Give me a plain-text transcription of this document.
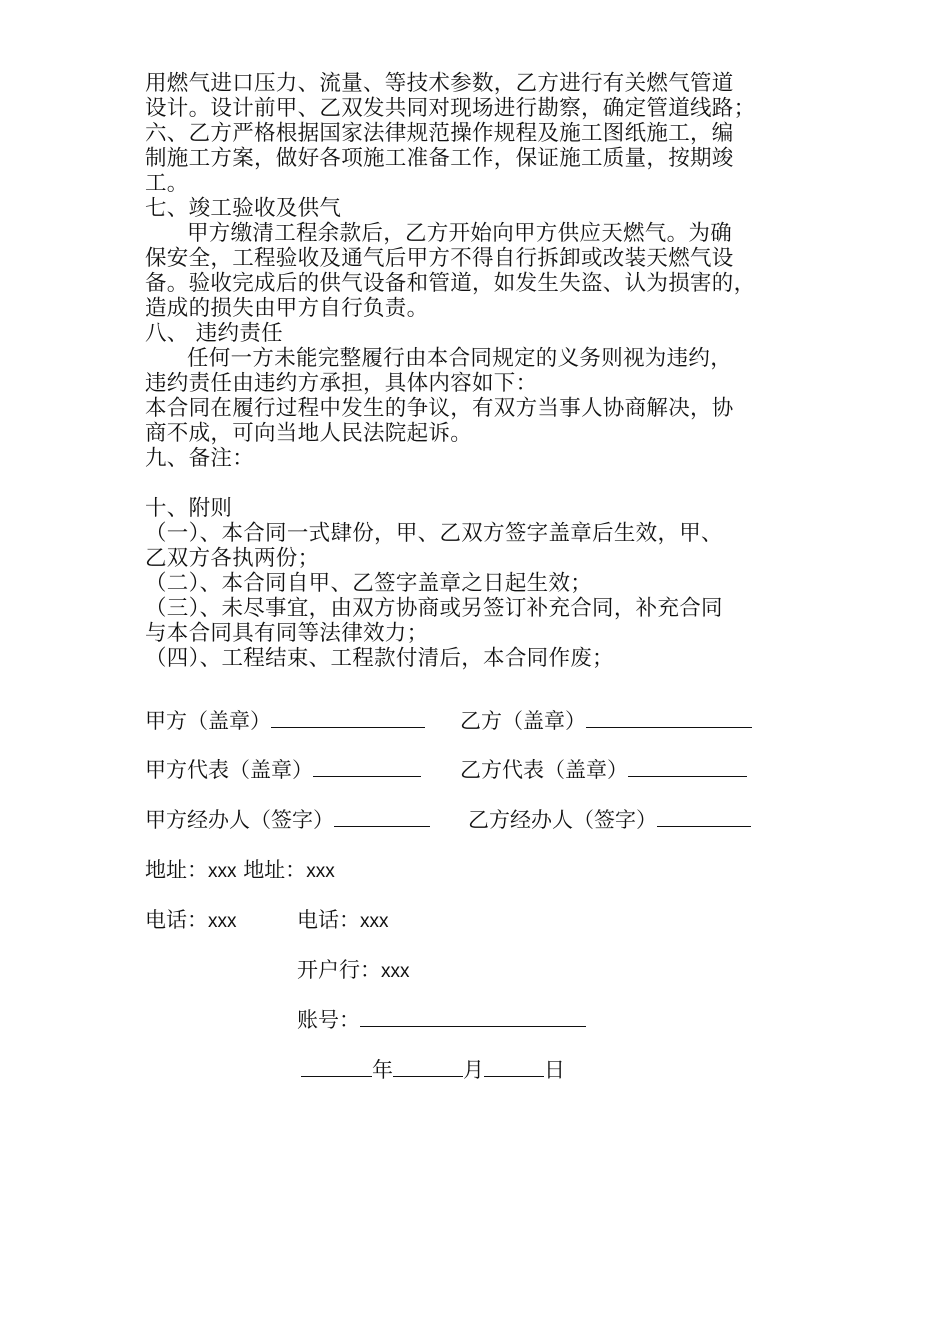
用燃气进口压力、流量、等技术参数，乙方进行有关燃气管道
设计。设计前甲、乙双发共同对现场进行勘察，确定管道线路；
六、乙方严格根据国家法律规范操作规程及施工图纸施工，编
制施工方案，做好各项施工准备工作，保证施工质量，按期竣
工。
七、竣工验收及供气
甲方缴清工程余款后，乙方开始向甲方供应天燃气。为确
保安全，工程验收及通气后甲方不得自行拆卸或改装天燃气设
备。验收完成后的供气设备和管道，如发生失盗、认为损害的，
造成的损失由甲方自行负责。
八、 违约责任
任何一方未能完整履行由本合同规定的义务则视为违约，
违约责任由违约方承担，具体内容如下：
本合同在履行过程中发生的争议，有双方当事人协商解决，协
商不成，可向当地人民法院起诉。
九、备注：
十、附则
（一）、本合同一式肆份，甲、乙双方签字盖章后生效，甲、
乙双方各执两份；
（二）、本合同自甲、乙签字盖章之日起生效；
（三）、未尽事宜，由双方协商或另签订补充合同，补充合同
与本合同具有同等法律效力；
（四）、工程结束、工程款付清后，本合同作废；
甲方（盖章）	乙方（盖章）
甲方代表（盖章）	乙方代表（盖章）
甲方经办人（签字）	乙方经办人（签字）
地址：xxx 地址：xxx
电话：xxx	电话：xxx
开户行：xxx
账号：
年	月	日
